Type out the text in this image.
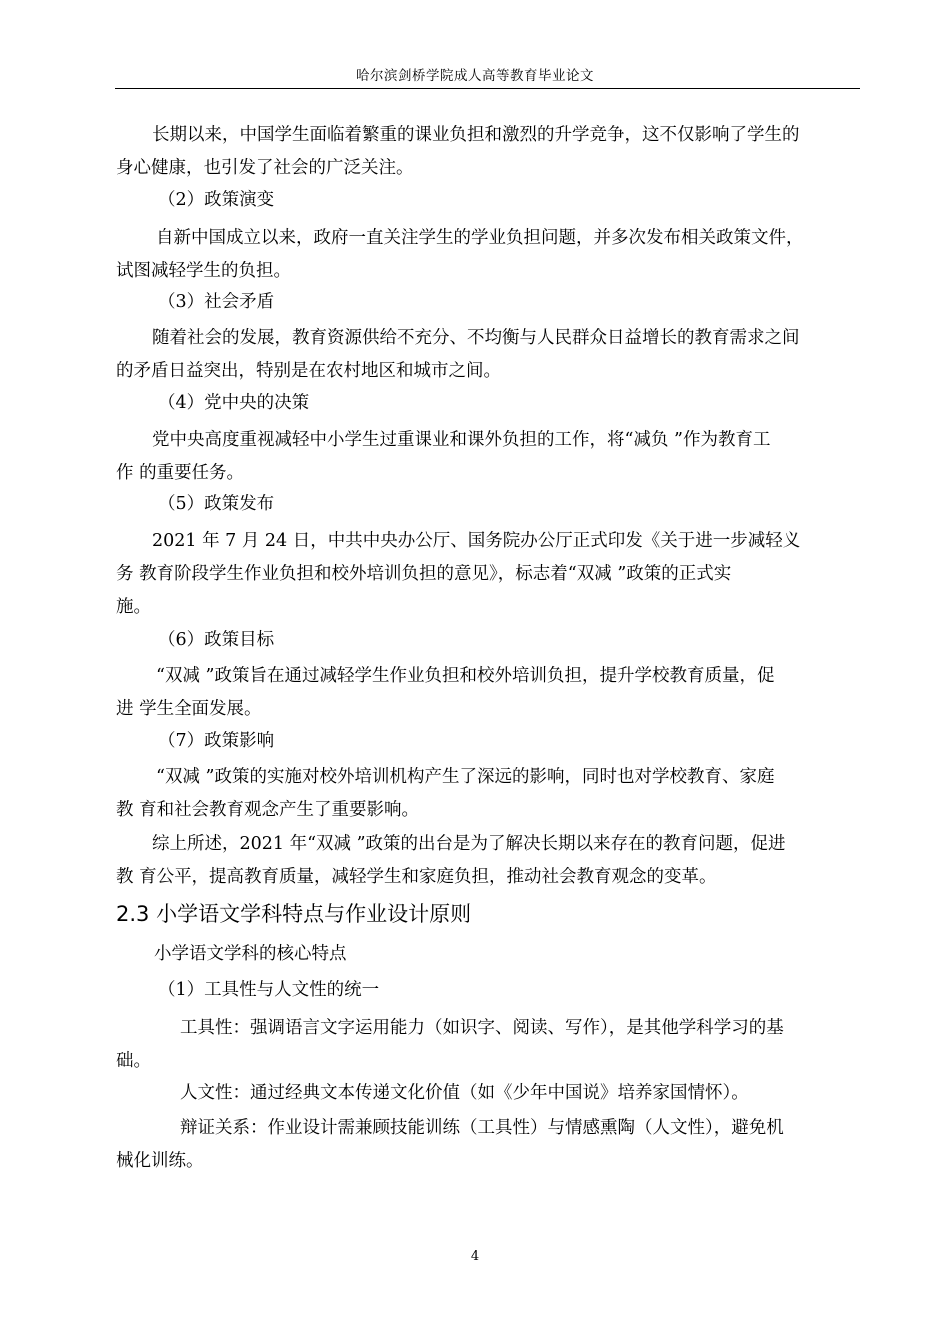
哈尔滨剑桥学院成人高等教育毕业论文
长期以来，中国学生面临着繁重的课业负担和激烈的升学竞争，这不仅影响了学生的
身心健康，也引发了社会的广泛关注。
（2）政策演变
自新中国成立以来，政府一直关注学生的学业负担问题，并多次发布相关政策文件，
试图减轻学生的负担。
（3）社会矛盾
随着社会的发展，教育资源供给不充分、不均衡与人民群众日益增长的教育需求之间
的矛盾日益突出，特别是在农村地区和城市之间。
（4）党中央的决策
党中央高度重视减轻中小学生过重课业和课外负担的工作，将“减负 ”作为教育工
作 的重要任务。
（5）政策发布
2021 年 7 月 24 日，中共中央办公厅、国务院办公厅正式印发《关于进一步减轻义
务 教育阶段学生作业负担和校外培训负担的意见》，标志着“双减 ”政策的正式实
施。
（6）政策目标
“双减 ”政策旨在通过减轻学生作业负担和校外培训负担，提升学校教育质量，促
进 学生全面发展。
（7）政策影响
“双减 ”政策的实施对校外培训机构产生了深远的影响，同时也对学校教育、家庭
教 育和社会教育观念产生了重要影响。
综上所述，2021 年“双减 ”政策的出台是为了解决长期以来存在的教育问题，促进
教 育公平，提高教育质量，减轻学生和家庭负担，推动社会教育观念的变革。
2.3 小学语文学科特点与作业设计原则
小学语文学科的核心特点
（1）工具性与人文性的统一
工具性：强调语言文字运用能力（如识字、阅读、写作），是其他学科学习的基
础。
人文性：通过经典文本传递文化价值（如《少年中国说》培养家国情怀）。
辩证关系：作业设计需兼顾技能训练（工具性）与情感熏陶（人文性），避免机
械化训练。
4
